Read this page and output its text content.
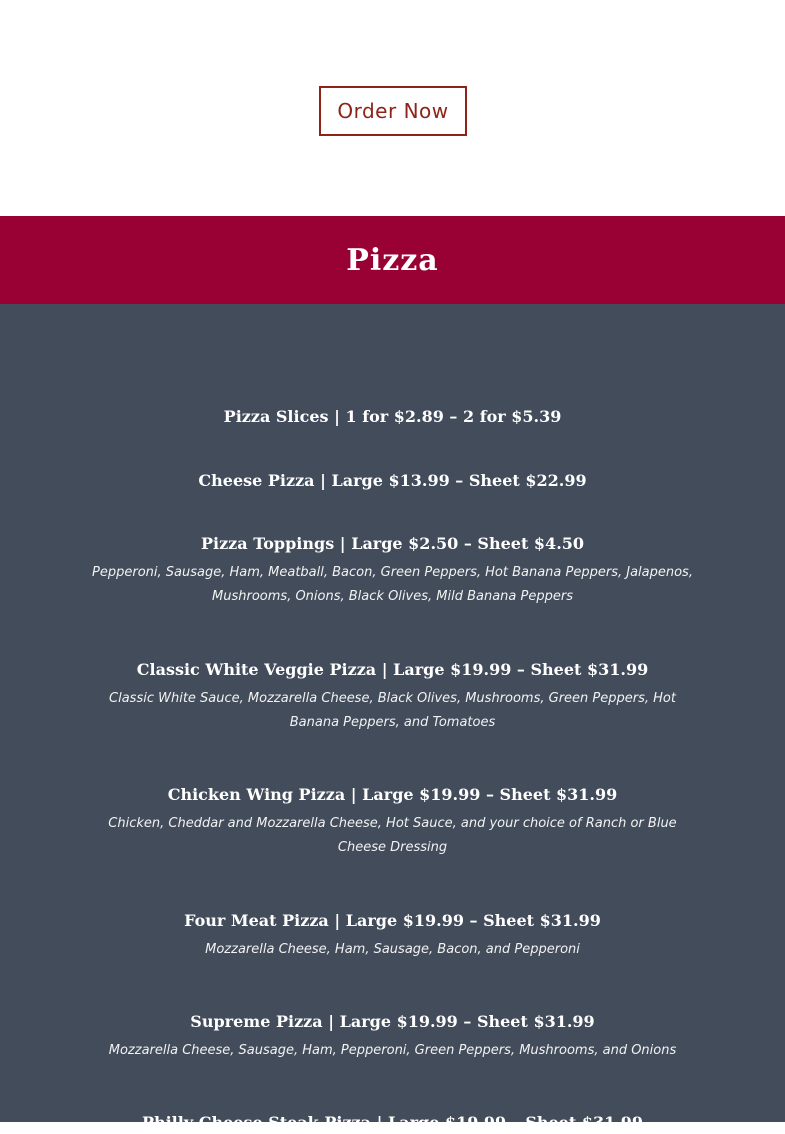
Order Now
Pizza
Pizza Slices | 1 for $2.89 – 2 for $5.39
Cheese Pizza | Large $13.99 – Sheet $22.99
Pizza Toppings | Large $2.50 – Sheet $4.50
Pepperoni, Sausage, Ham, Meatball, Bacon, Green Peppers, Hot Banana Peppers, Jalapenos, Mushrooms, Onions, Black Olives, Mild Banana Peppers
Classic White Veggie Pizza | Large $19.99 – Sheet $31.99
Classic White Sauce, Mozzarella Cheese, Black Olives, Mushrooms, Green Peppers, Hot Banana Peppers, and Tomatoes
Chicken Wing Pizza | Large $19.99 – Sheet $31.99
Chicken, Cheddar and Mozzarella Cheese, Hot Sauce, and your choice of Ranch or Blue Cheese Dressing
Four Meat Pizza | Large $19.99 – Sheet $31.99
Mozzarella Cheese, Ham, Sausage, Bacon, and Pepperoni
Supreme Pizza | Large $19.99 – Sheet $31.99
Mozzarella Cheese, Sausage, Ham, Pepperoni, Green Peppers, Mushrooms, and Onions
Philly Cheese Steak Pizza | Large $19.99 – Sheet $31.99
